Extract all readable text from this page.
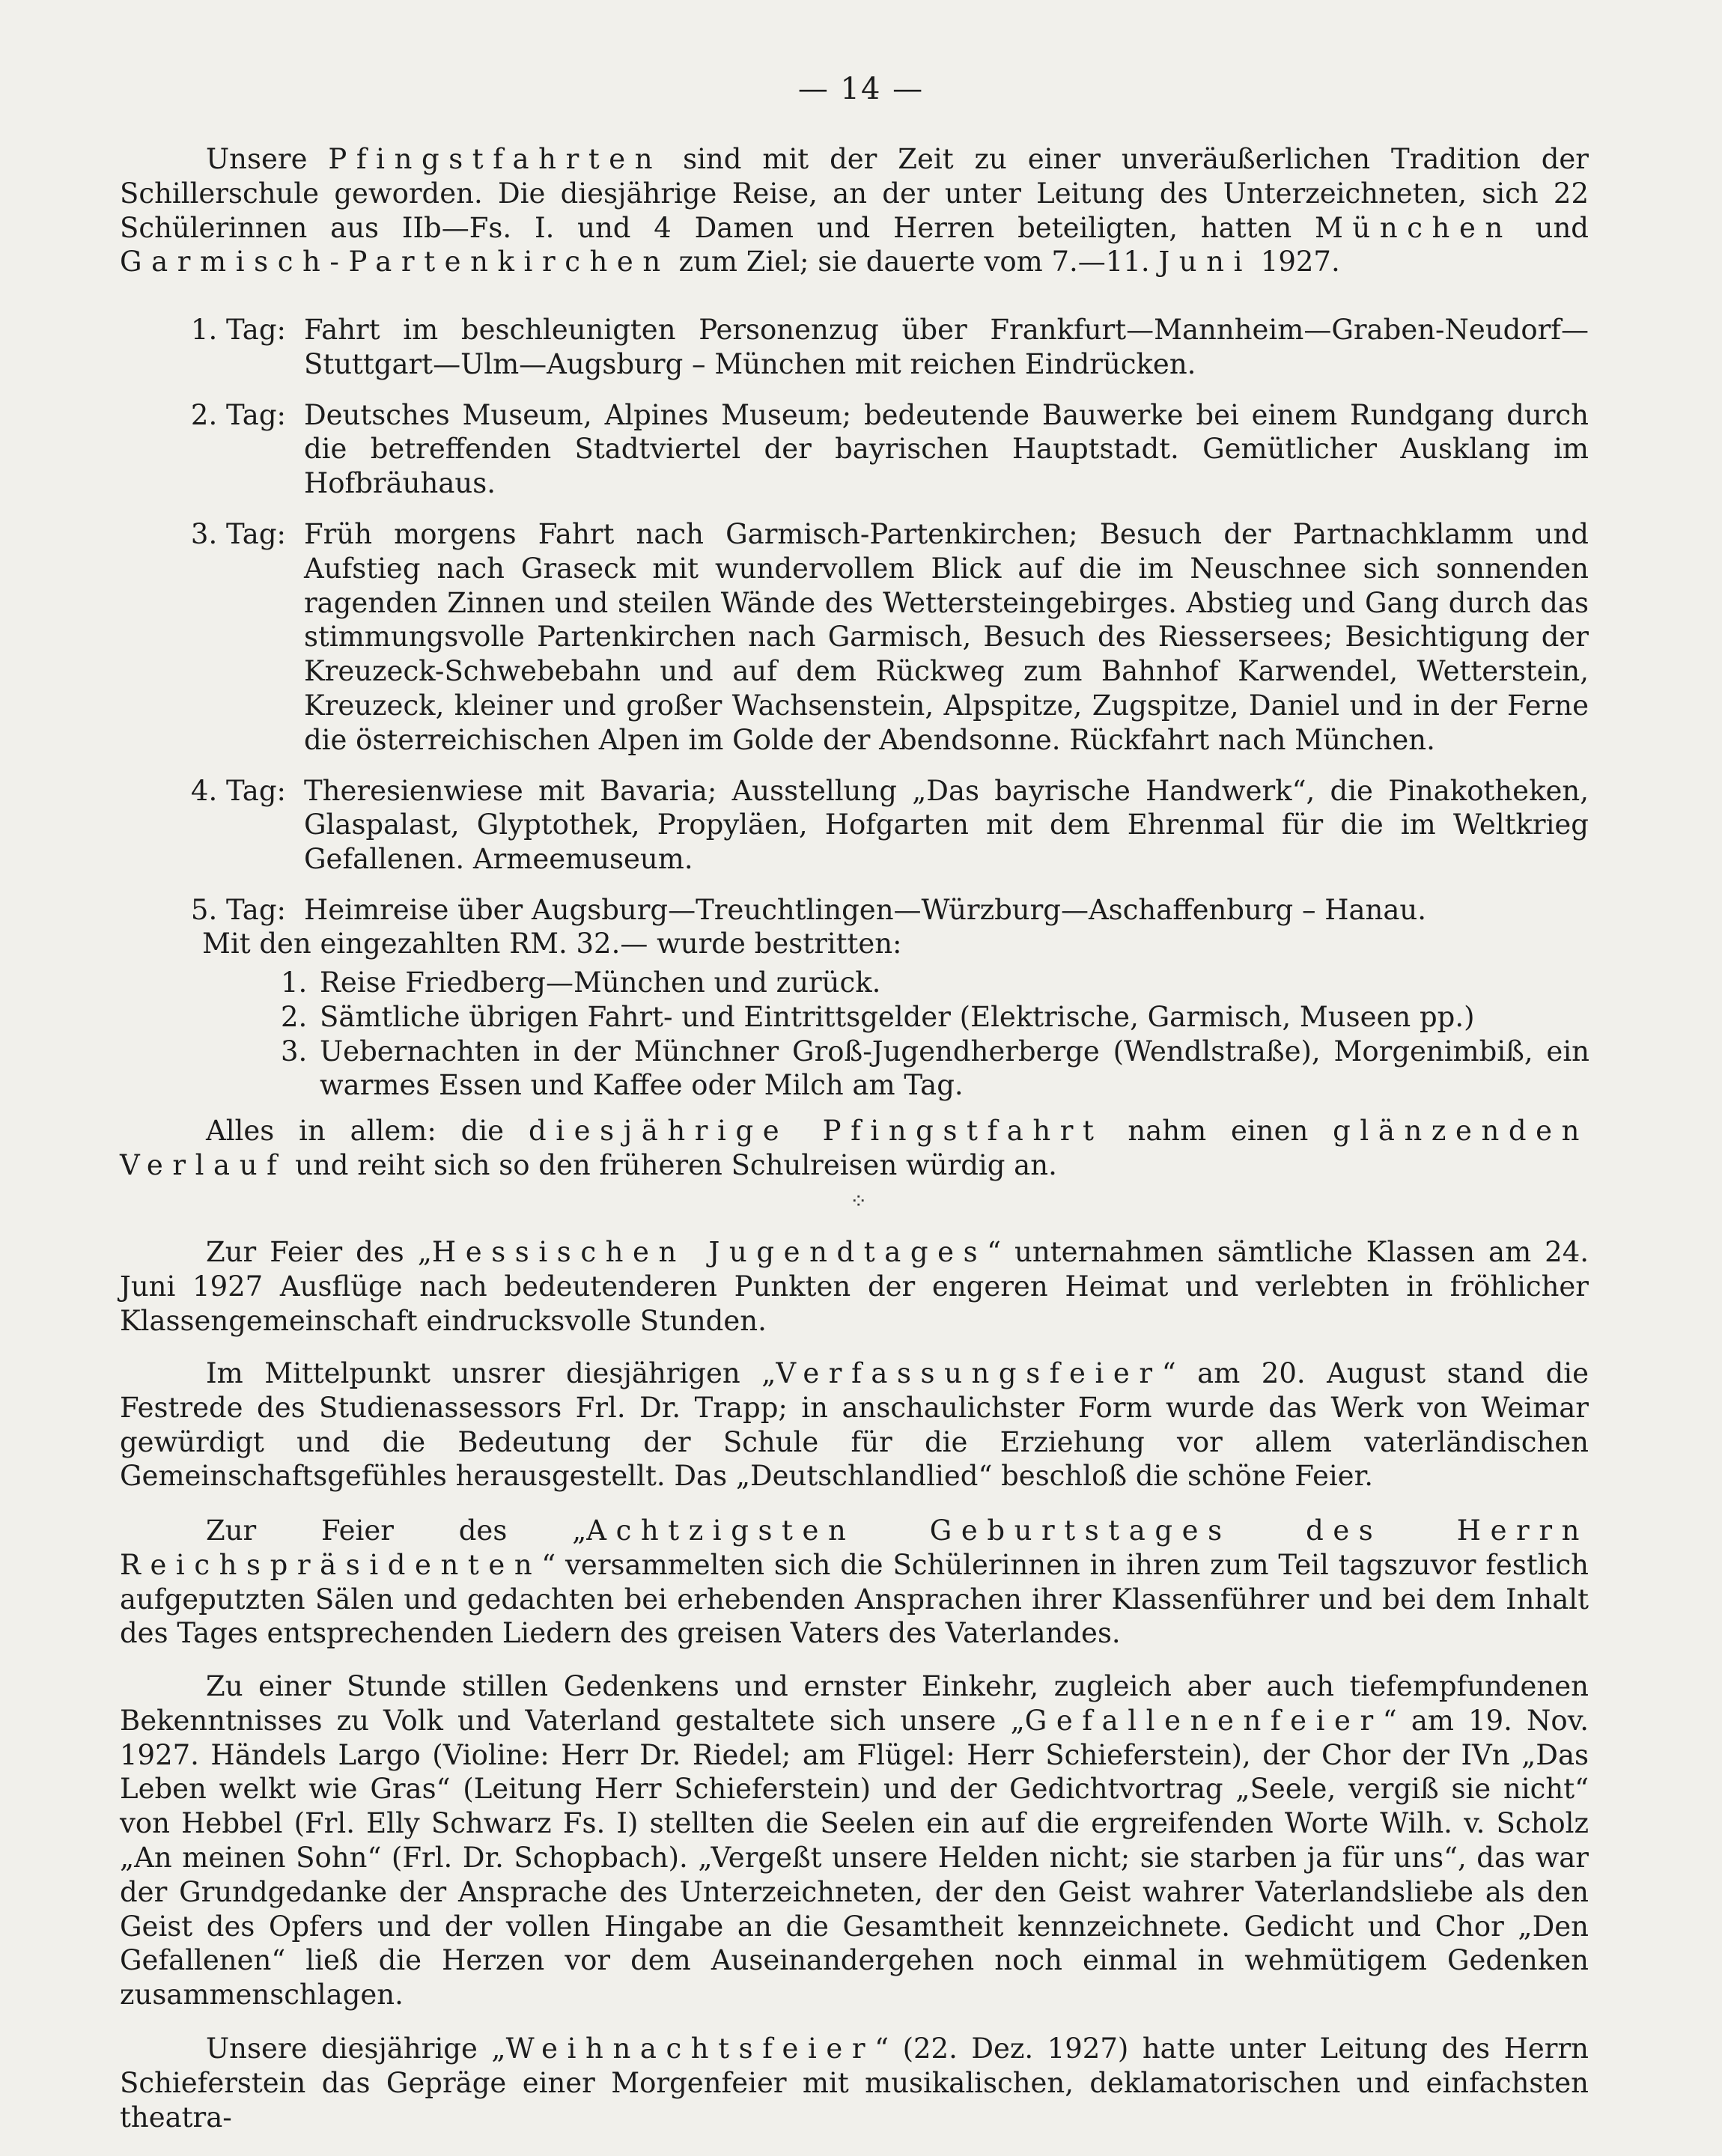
— 14 —

Unsere Pfingstfahrten sind mit der Zeit zu einer unveräußerlichen Tradition der Schillerschule geworden. Die diesjährige Reise, an der unter Leitung des Unterzeichneten, sich 22 Schülerinnen aus IIb—Fs. I. und 4 Damen und Herren beteiligten, hatten München und Garmisch-Partenkirchen zum Ziel; sie dauerte vom 7.—11. Juni 1927.

1. Tag: Fahrt im beschleunigten Personenzug über Frankfurt—Mannheim—Graben-Neudorf—Stuttgart—Ulm—Augsburg – München mit reichen Eindrücken.
2. Tag: Deutsches Museum, Alpines Museum; bedeutende Bauwerke bei einem Rundgang durch die betreffenden Stadtviertel der bayrischen Hauptstadt. Gemütlicher Ausklang im Hofbräuhaus.
3. Tag: Früh morgens Fahrt nach Garmisch-Partenkirchen; Besuch der Partnachklamm und Aufstieg nach Graseck mit wundervollem Blick auf die im Neuschnee sich sonnenden ragenden Zinnen und steilen Wände des Wettersteingebirges. Abstieg und Gang durch das stimmungsvolle Partenkirchen nach Garmisch, Besuch des Riessersees; Besichtigung der Kreuzeck-Schwebebahn und auf dem Rückweg zum Bahnhof Karwendel, Wetterstein, Kreuzeck, kleiner und großer Wachsenstein, Alpspitze, Zugspitze, Daniel und in der Ferne die österreichischen Alpen im Golde der Abendsonne. Rückfahrt nach München.
4. Tag: Theresienwiese mit Bavaria; Ausstellung „Das bayrische Handwerk“, die Pinakotheken, Glaspalast, Glyptothek, Propyläen, Hofgarten mit dem Ehrenmal für die im Weltkrieg Gefallenen. Armeemuseum.
5. Tag: Heimreise über Augsburg—Treuchtlingen—Würzburg—Aschaffenburg – Hanau.
Mit den eingezahlten RM. 32.— wurde bestritten:
1. Reise Friedberg—München und zurück.
2. Sämtliche übrigen Fahrt- und Eintrittsgelder (Elektrische, Garmisch, Museen pp.)
3. Uebernachten in der Münchner Groß-Jugendherberge (Wendlstraße), Morgenimbiß, ein warmes Essen und Kaffee oder Milch am Tag.

Alles in allem: die diesjährige Pfingstfahrt nahm einen glänzenden Verlauf und reiht sich so den früheren Schulreisen würdig an.

⁘

Zur Feier des „Hessischen Jugendtages“ unternahmen sämtliche Klassen am 24. Juni 1927 Ausflüge nach bedeutenderen Punkten der engeren Heimat und verlebten in fröhlicher Klassengemeinschaft eindrucksvolle Stunden.

Im Mittelpunkt unsrer diesjährigen „Verfassungsfeier“ am 20. August stand die Festrede des Studienassessors Frl. Dr. Trapp; in anschaulichster Form wurde das Werk von Weimar gewürdigt und die Bedeutung der Schule für die Erziehung vor allem vaterländischen Gemeinschaftsgefühles herausgestellt. Das „Deutschlandlied“ beschloß die schöne Feier.

Zur Feier des „Achtzigsten Geburtstages des Herrn Reichspräsidenten“ versammelten sich die Schülerinnen in ihren zum Teil tagszuvor festlich aufgeputzten Sälen und gedachten bei erhebenden Ansprachen ihrer Klassenführer und bei dem Inhalt des Tages entsprechenden Liedern des greisen Vaters des Vaterlandes.

Zu einer Stunde stillen Gedenkens und ernster Einkehr, zugleich aber auch tiefempfundenen Bekenntnisses zu Volk und Vaterland gestaltete sich unsere „Gefallenenfeier“ am 19. Nov. 1927. Händels Largo (Violine: Herr Dr. Riedel; am Flügel: Herr Schieferstein), der Chor der IVn „Das Leben welkt wie Gras“ (Leitung Herr Schieferstein) und der Gedichtvortrag „Seele, vergiß sie nicht“ von Hebbel (Frl. Elly Schwarz Fs. I) stellten die Seelen ein auf die ergreifenden Worte Wilh. v. Scholz „An meinen Sohn“ (Frl. Dr. Schopbach). „Vergeßt unsere Helden nicht; sie starben ja für uns“, das war der Grundgedanke der Ansprache des Unterzeichneten, der den Geist wahrer Vaterlandsliebe als den Geist des Opfers und der vollen Hingabe an die Gesamtheit kennzeichnete. Gedicht und Chor „Den Gefallenen“ ließ die Herzen vor dem Auseinandergehen noch einmal in wehmütigem Gedenken zusammenschlagen.

Unsere diesjährige „Weihnachtsfeier“ (22. Dez. 1927) hatte unter Leitung des Herrn Schieferstein das Gepräge einer Morgenfeier mit musikalischen, deklamatorischen und einfachsten theatra-
